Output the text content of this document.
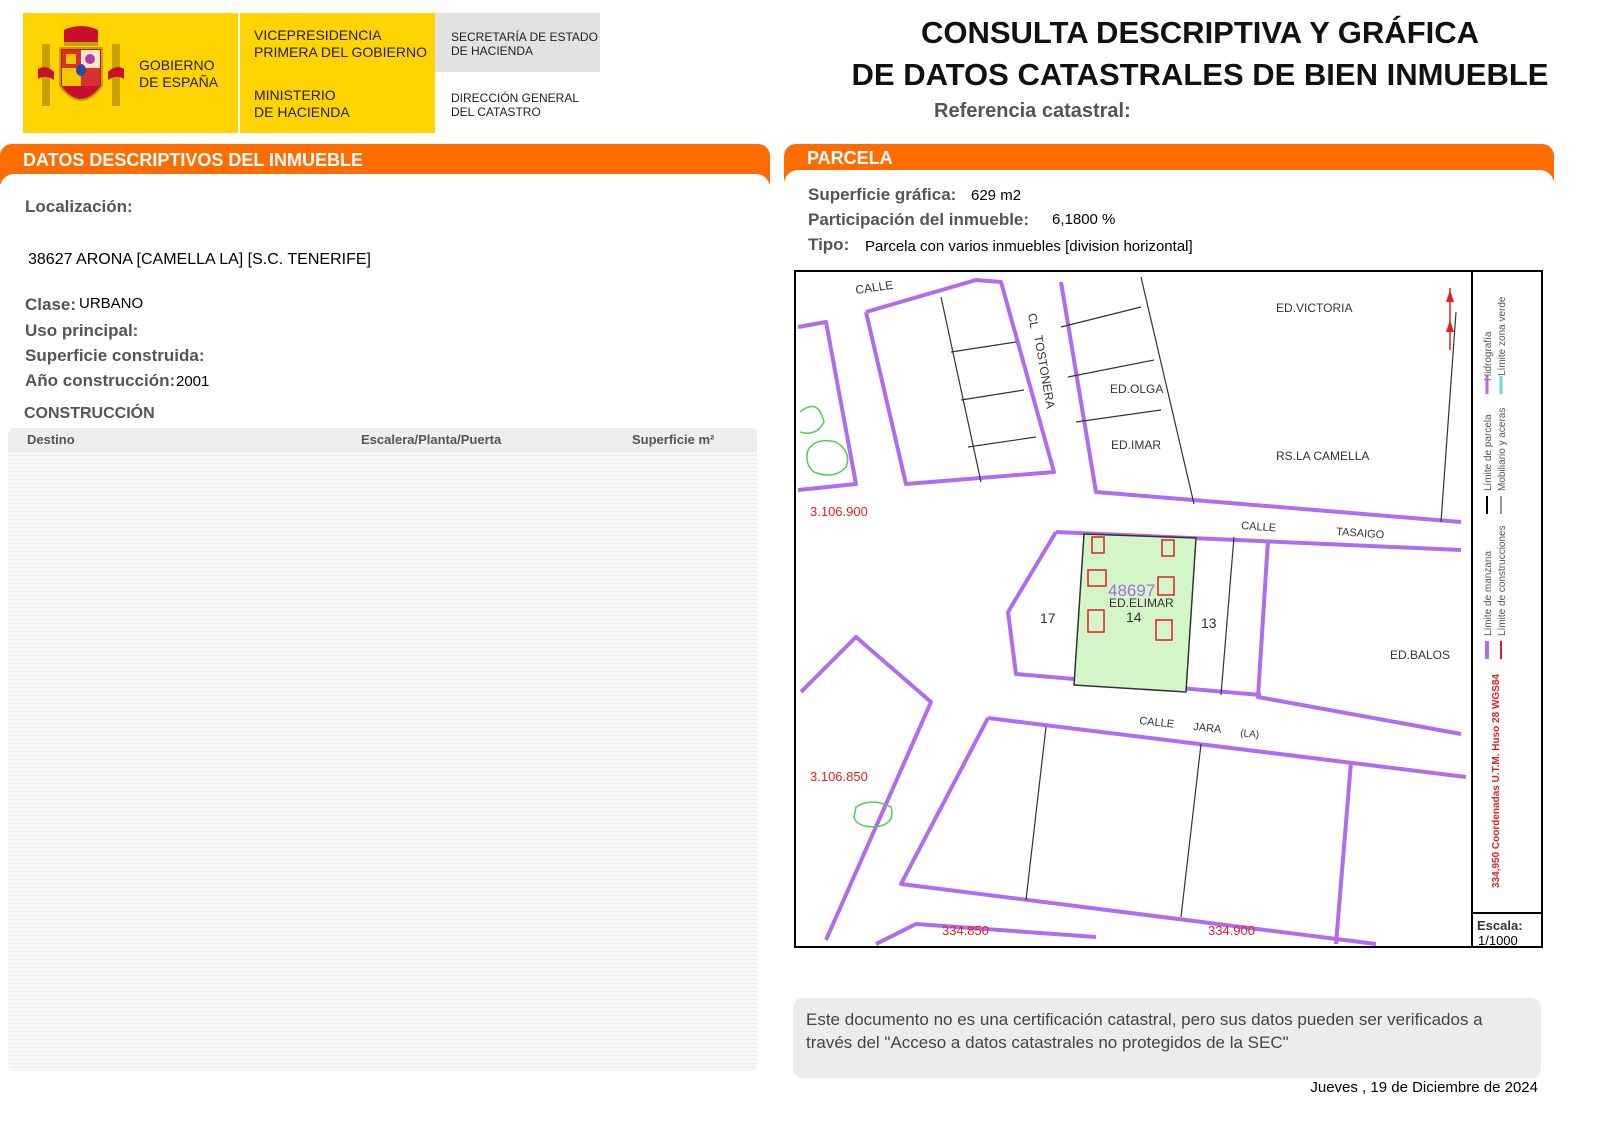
GOBIERNO
DE ESPAÑA
VICEPRESIDENCIA
PRIMERA DEL GOBIERNO
MINISTERIO
DE HACIENDA
SECRETARÍA DE ESTADO
DE HACIENDA
DIRECCIÓN GENERAL
DEL CATASTRO
CONSULTA DESCRIPTIVA Y GRÁFICA
DE DATOS CATASTRALES DE BIEN INMUEBLE
Referencia catastral:
DATOS DESCRIPTIVOS DEL INMUEBLE
Localización:
38627 ARONA [CAMELLA LA] [S.C. TENERIFE]
Clase: URBANO
Uso principal:
Superficie construida:
Año construcción: 2001
CONSTRUCCIÓN
Destino	Escalera/Planta/Puerta	Superficie m²
PARCELA
Superficie gráfica: 629 m2
Participación del inmueble: 6,1800 %
Tipo: Parcela con varios inmuebles [division horizontal]
CALLE
CL
TOSTONERA
ED.VICTORIA
ED.OLGA
ED.IMAR
RS.LA CAMELLA
CALLE	TASAIGO
48697
ED.ELIMAR
ED.BALOS
CALLE JARA (LA)
17	14	13
3.106.900
3.106.850
334.850	334.900
Hidrografía Límite zona verde
Límite de parcela Mobiliario y aceras
Límite de manzana Límite de construcciones
334,950 Coordenadas U.T.M. Huso 28 WGS84
Escala:
1/1000
Este documento no es una certificación catastral, pero sus datos pueden ser verificados a través del "Acceso a datos catastrales no protegidos de la SEC"
Jueves , 19 de Diciembre de 2024
